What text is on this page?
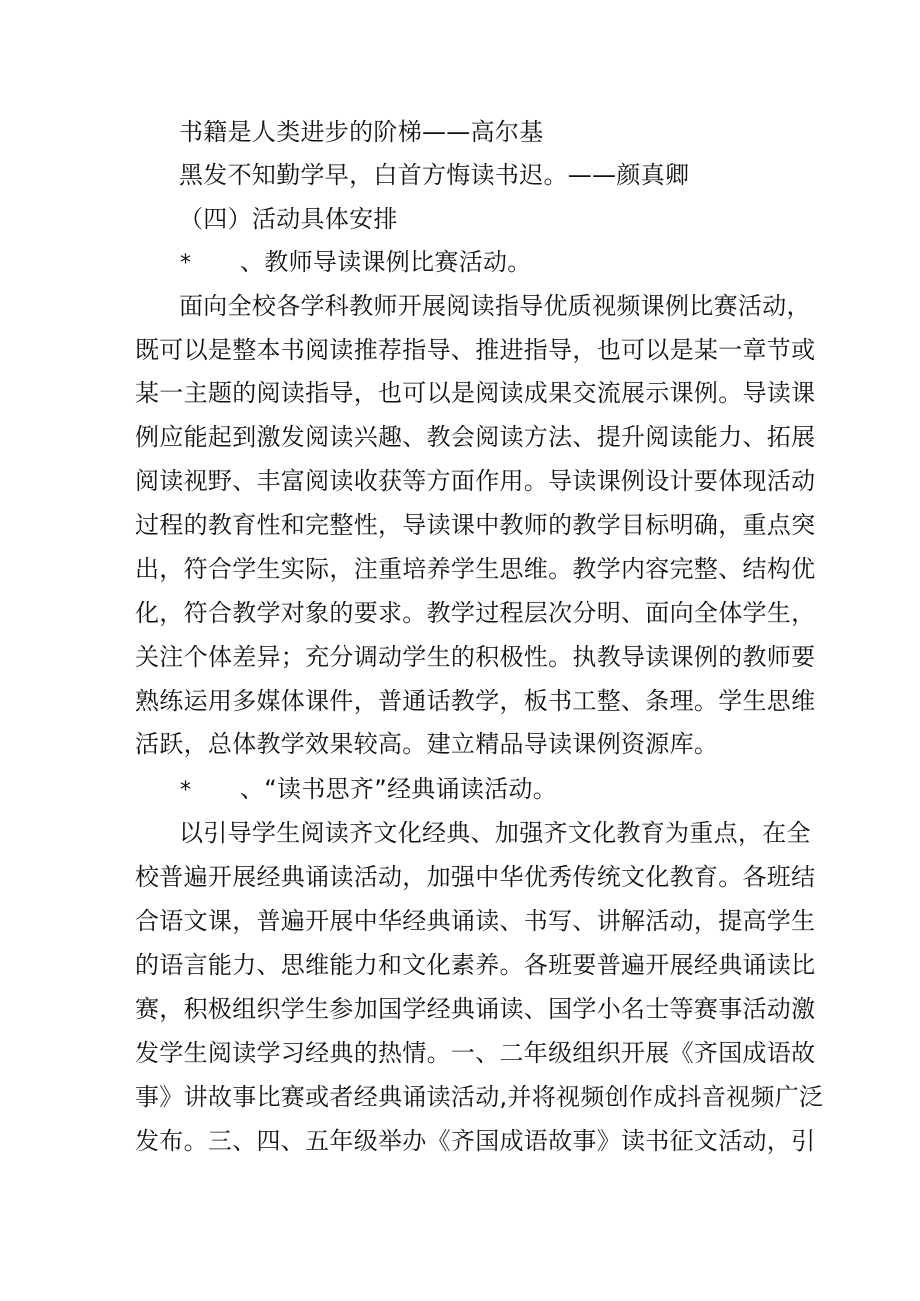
书籍是人类进步的阶梯——高尔基

黑发不知勤学早，白首方悔读书迟。——颜真卿

（四）活动具体安排

* 、教师导读课例比赛活动。

面向全校各学科教师开展阅读指导优质视频课例比赛活动，

既可以是整本书阅读推荐指导、推进指导，也可以是某一章节或

某一主题的阅读指导，也可以是阅读成果交流展示课例。导读课

例应能起到激发阅读兴趣、教会阅读方法、提升阅读能力、拓展

阅读视野、丰富阅读收获等方面作用。导读课例设计要体现活动

过程的教育性和完整性，导读课中教师的教学目标明确，重点突

出，符合学生实际，注重培养学生思维。教学内容完整、结构优

化，符合教学对象的要求。教学过程层次分明、面向全体学生，

关注个体差异；充分调动学生的积极性。执教导读课例的教师要

熟练运用多媒体课件，普通话教学，板书工整、条理。学生思维

活跃，总体教学效果较高。建立精品导读课例资源库。

* 、“读书思齐”经典诵读活动。

以引导学生阅读齐文化经典、加强齐文化教育为重点，在全

校普遍开展经典诵读活动，加强中华优秀传统文化教育。各班结

合语文课，普遍开展中华经典诵读、书写、讲解活动，提高学生

的语言能力、思维能力和文化素养。各班要普遍开展经典诵读比

赛，积极组织学生参加国学经典诵读、国学小名士等赛事活动激

发学生阅读学习经典的热情。一、二年级组织开展《齐国成语故

事》讲故事比赛或者经典诵读活动,并将视频创作成抖音视频广泛

发布。三、四、五年级举办《齐国成语故事》读书征文活动，引
